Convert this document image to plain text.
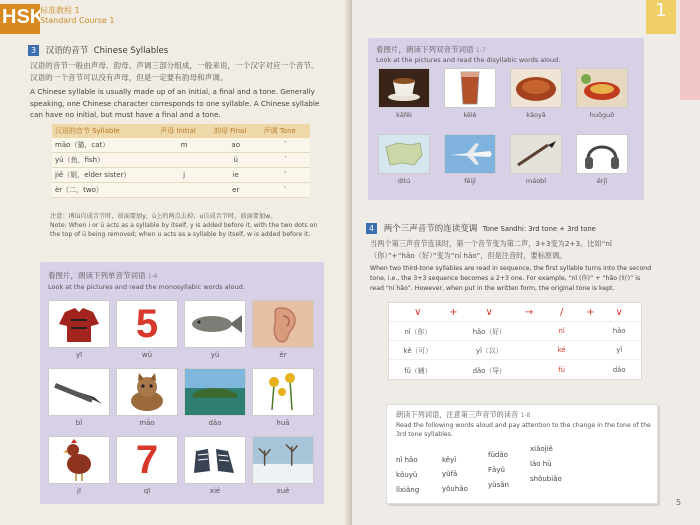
HSK
标准教程 1
Standard Course 1
3 汉语的音节 Chinese Syllables
汉语的音节一般由声母、韵母、声调三部分组成，一般来说，一个汉字对应一个音节。汉语的一个音节可以没有声母，但是一定要有韵母和声调。
A Chinese syllable is usually made up of an initial, a final and a tone. Generally speaking, one Chinese character corresponds to one syllable. A Chinese syllable can have no initial, but must have a final and a tone.
汉语的音节 Syllable	声母 Initial	韵母 Final	声调 Tone
māo（猫，cat）	m	ao	ˉ
yú（鱼，fish）		ü	ˊ
jiě（姐，elder sister）	j	ie	ˇ
èr（二，two）		er	ˋ
注意：i和ü自成音节时，前面要加y，ü上的两点去掉；u自成音节时，前面要加w。
Note: When i or ü acts as a syllable by itself, y is added before it, with the two dots on the top of ü being removed; when u acts as a syllable by itself, w is added before it.
看图片，朗读下列单音节词语 1-6
Look at the pictures and read the monosyllabic words aloud.
yī
5
wǔ	yú	ěr
bǐ	māo	dǎo	huā
jī
7
qī	xié	xuě
1
看图片，朗读下列双音节词语 1-7
Look at the pictures and read the disyllabic words aloud.
kāfēi	kělè	kǎoyā	huǒguō
dìtú	fēijī	máobǐ	ěrjī
4 两个三声音节的连读变调 Tone Sandhi: 3rd tone + 3rd tone
当两个第三声音节连读时，第一个音节变为第二声，3+3变为2+3。比如“nǐ（你）”+“hǎo（好）”变为“ní hǎo”，但是注音时，要标原调。
When two third-tone syllables are read in sequence, the first syllable turns into the second tone, i.e., the 3+3 sequence becomes a 2+3 one. For example, “nǐ (你)” + “hǎo (好)” is read “ní hǎo”. However, when put in the written form, the original tone is kept.
∨	+	∨	→	/	+	∨
nǐ（你）	hǎo（好）	ní	hǎo
kě（可）	yǐ（以）	ké	yǐ
fǔ（辅）	dǎo（导）	fú	dǎo
朗读下列词语，注意第三声音节的读音 1-8
Read the following words aloud and pay attention to the change in the tone of the 3rd tone syllables.
nǐ hǎo	kěyǐ
fǔdǎo
xiǎojiě
kǒuyǔ	yǔfǎ	Fǎyǔ
lǎo hǔ
lǐxiǎng	yǒuhǎo	yǔsǎn
shǒubiǎo
5
